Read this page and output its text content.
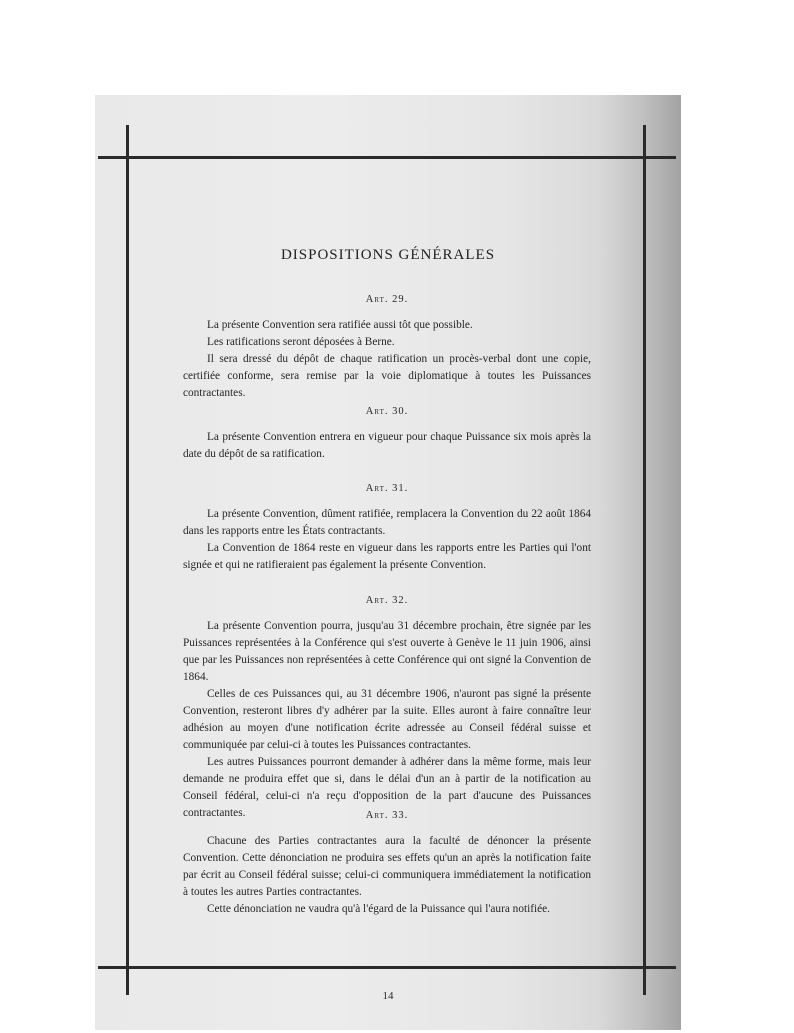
DISPOSITIONS GÉNÉRALES

Art. 29.

La présente Convention sera ratifiée aussi tôt que possible.

Les ratifications seront déposées à Berne.

Il sera dressé du dépôt de chaque ratification un procès-verbal dont une copie, certifiée conforme, sera remise par la voie diplomatique à toutes les Puissances contractantes.

Art. 30.

La présente Convention entrera en vigueur pour chaque Puissance six mois après la date du dépôt de sa ratification.

Art. 31.

La présente Convention, dûment ratifiée, remplacera la Convention du 22 août 1864 dans les rapports entre les États contractants.

La Convention de 1864 reste en vigueur dans les rapports entre les Parties qui l'ont signée et qui ne ratifieraient pas également la présente Convention.

Art. 32.

La présente Convention pourra, jusqu'au 31 décembre prochain, être signée par les Puissances représentées à la Conférence qui s'est ouverte à Genève le 11 juin 1906, ainsi que par les Puissances non représentées à cette Conférence qui ont signé la Convention de 1864.

Celles de ces Puissances qui, au 31 décembre 1906, n'auront pas signé la présente Convention, resteront libres d'y adhérer par la suite. Elles auront à faire connaître leur adhésion au moyen d'une notification écrite adressée au Conseil fédéral suisse et communiquée par celui-ci à toutes les Puissances contractantes.

Les autres Puissances pourront demander à adhérer dans la même forme, mais leur demande ne produira effet que si, dans le délai d'un an à partir de la notification au Conseil fédéral, celui-ci n'a reçu d'opposition de la part d'aucune des Puissances contractantes.	Art. 33.

Chacune des Parties contractantes aura la faculté de dénoncer la présente Convention. Cette dénonciation ne produira ses effets qu'un an après la notification faite par écrit au Conseil fédéral suisse; celui-ci communiquera immédiatement la notification à toutes les autres Parties contractantes.

Cette dénonciation ne vaudra qu'à l'égard de la Puissance qui l'aura notifiée.

14
